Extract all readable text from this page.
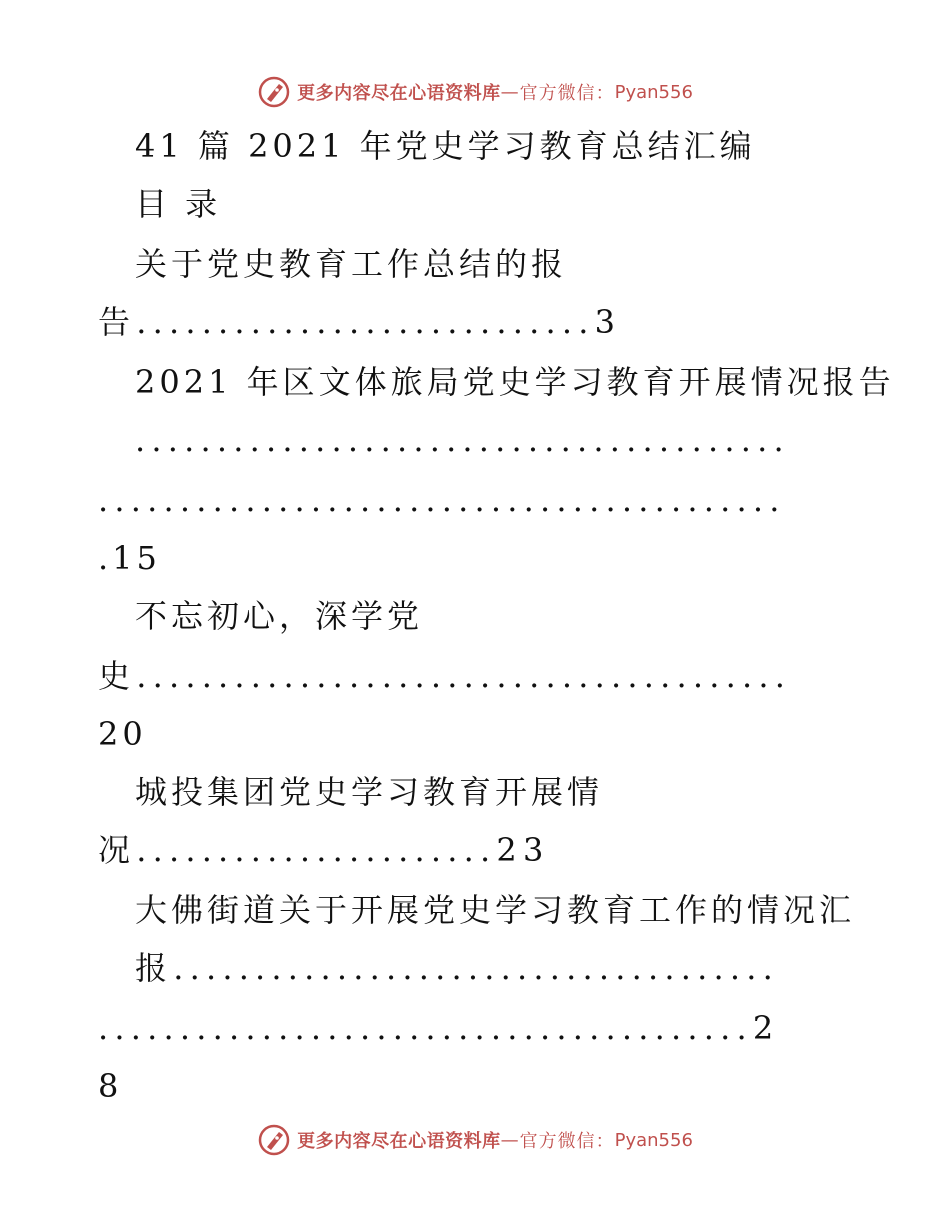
更多内容尽在心语资料库 — 官方微信： Pyan556

41 篇 2021 年党史学习教育总结汇编

目 录

关于党史教育工作总结的报

告............................3

2021 年区文体旅局党史学习教育开展情况报告

........................................

..........................................

.15

不忘初心，深学党

史........................................

20

城投集团党史学习教育开展情

况......................23

大佛街道关于开展党史学习教育工作的情况汇

报.....................................

........................................2

8

更多内容尽在心语资料库 — 官方微信： Pyan556
